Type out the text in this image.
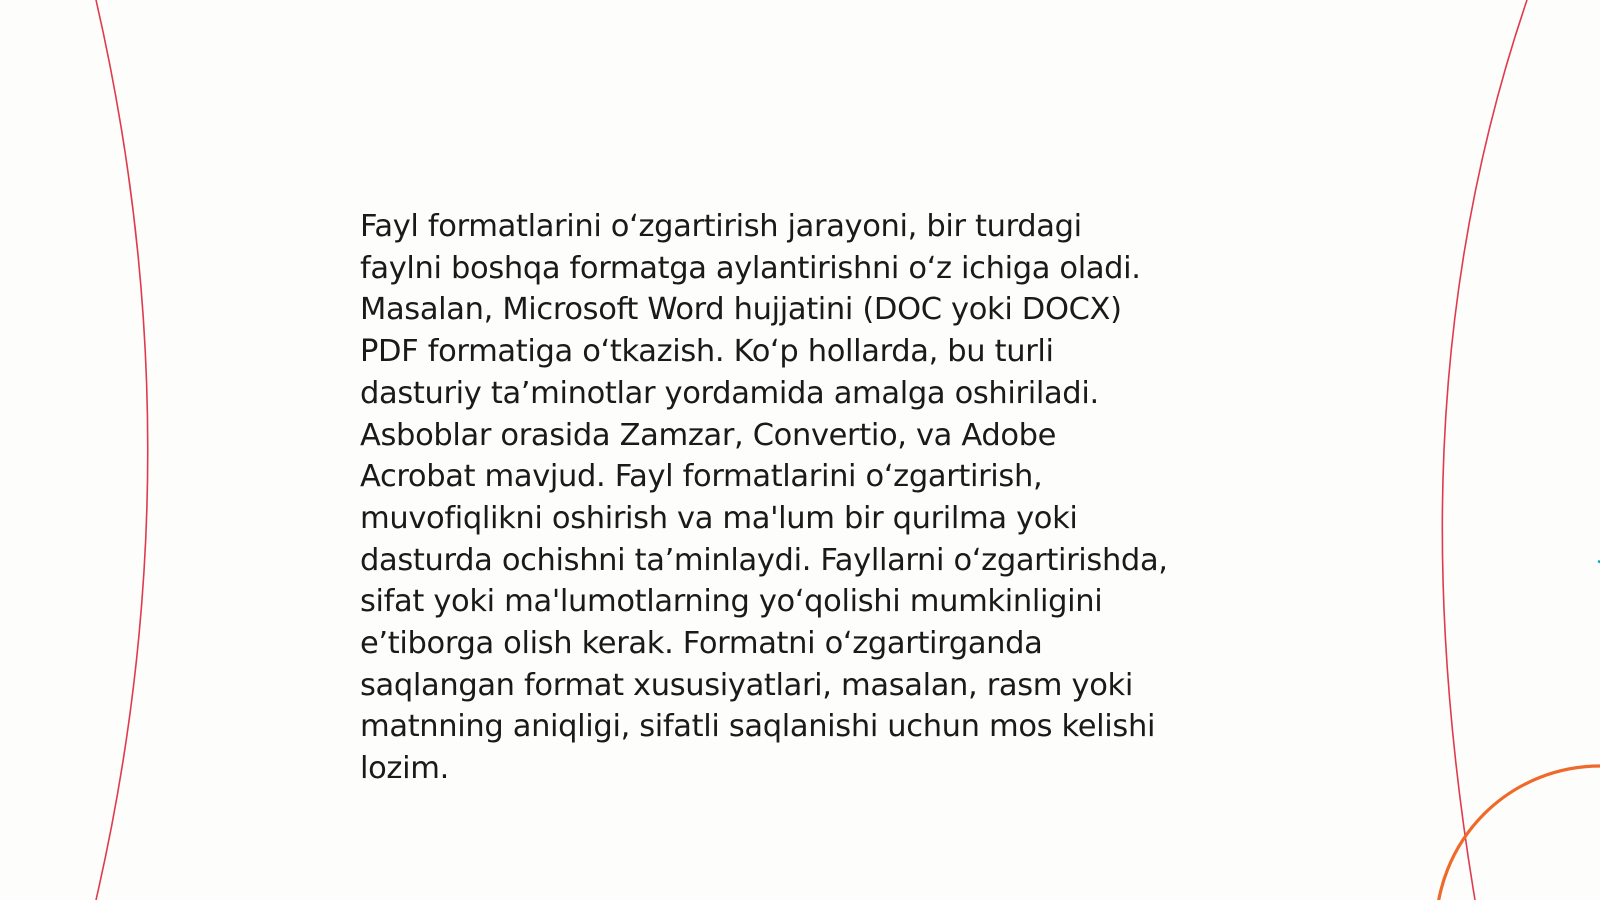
Fayl formatlarini o‘zgartirish jarayoni, bir turdagi
faylni boshqa formatga aylantirishni o‘z ichiga oladi.
Masalan, Microsoft Word hujjatini (DOC yoki DOCX)
PDF formatiga o‘tkazish. Ko‘p hollarda, bu turli
dasturiy ta’minotlar yordamida amalga oshiriladi.
Asboblar orasida Zamzar, Convertio, va Adobe
Acrobat mavjud. Fayl formatlarini o‘zgartirish,
muvofiqlikni oshirish va ma'lum bir qurilma yoki
dasturda ochishni ta’minlaydi. Fayllarni o‘zgartirishda,
sifat yoki ma'lumotlarning yo‘qolishi mumkinligini
e’tiborga olish kerak. Formatni o‘zgartirganda
saqlangan format xususiyatlari, masalan, rasm yoki
matnning aniqligi, sifatli saqlanishi uchun mos kelishi
lozim.
